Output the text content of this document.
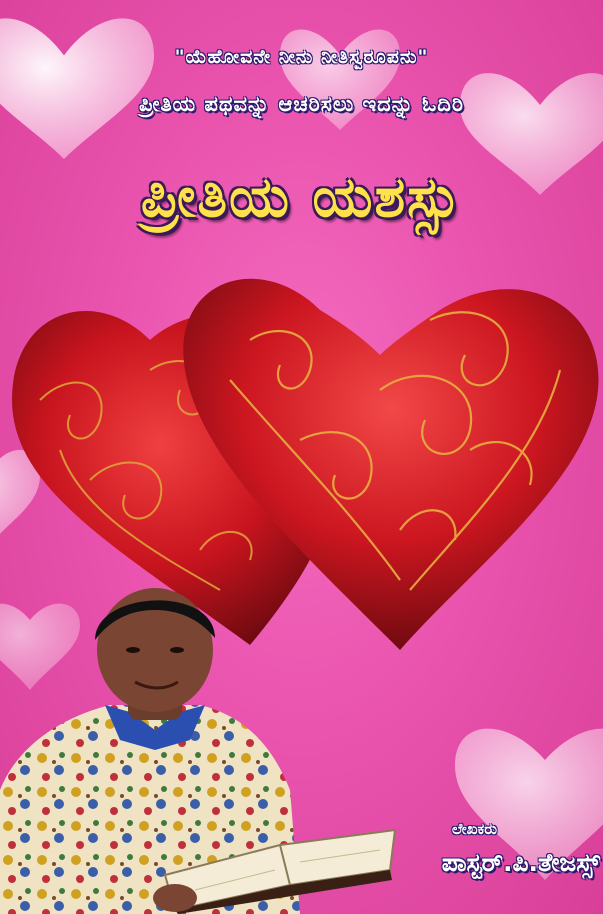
"ಯೆಹೋವನೇ ನೀನು ನೀತಿಸ್ವರೂಪನು"
ಪ್ರೀತಿಯ ಪಥವನ್ನು ಆಚರಿಸಲು ಇದನ್ನು ಓದಿರಿ
ಪ್ರೀತಿಯ ಯಶಸ್ಸು
ಲೇಖಕರು
ಪಾಸ್ಟರ್.ಪಿ.ತೇಜಸ್ಸ್
